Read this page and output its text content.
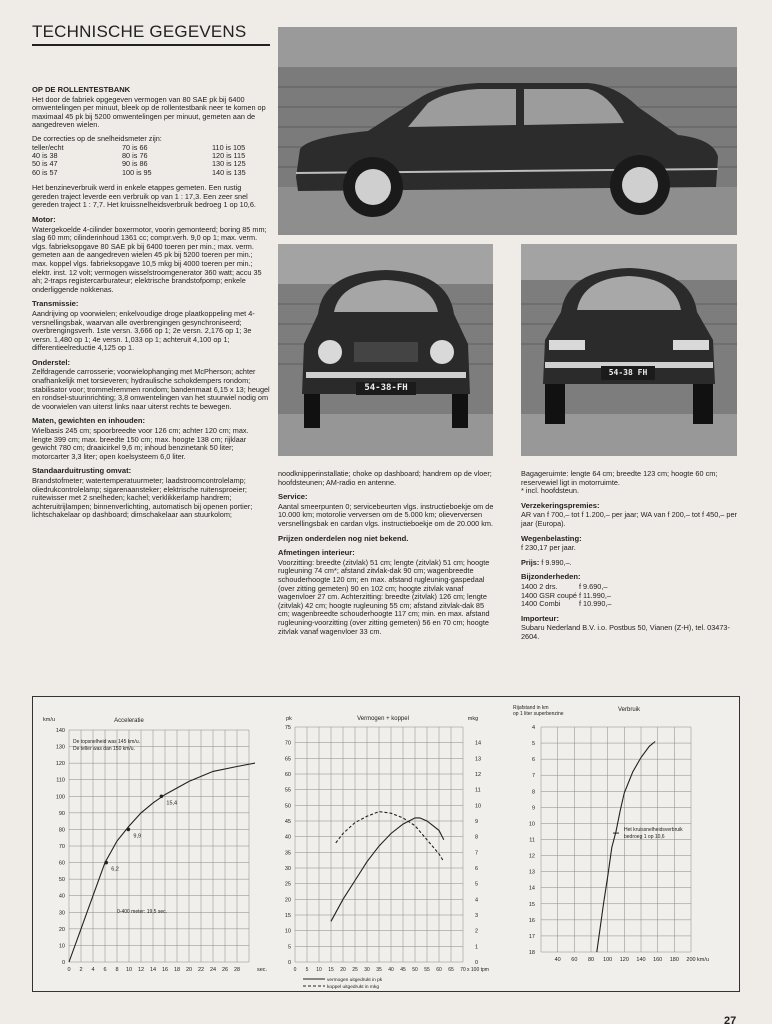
TECHNISCHE GEGEVENS
54-38-FH
54-38 FH
OP DE ROLLENTESTBANK

Het door de fabriek opgegeven vermogen van 80 SAE pk bij 6400 omwentelingen per minuut, bleek op de rollentestbank neer te komen op maximaal 45 pk bij 5200 omwentelingen per minuut, gemeten aan de aangedreven wielen.

De correcties op de snelheidsmeter zijn:

teller/echt	70 is 66	110 is 105
40 is 38	80 is 76	120 is 115
50 is 47	90 is 86	130 is 125
60 is 57	100 is 95	140 is 135

Het benzineverbruik werd in enkele etappes gemeten. Een rustig gereden traject leverde een verbruik op van 1 : 17,3. Een zeer snel gereden traject 1 : 7,7. Het kruissnelheidsverbruik bedroeg 1 op 10,6.

Motor:

Watergekoelde 4-cilinder boxermotor, voorin gemonteerd; boring 85 mm; slag 60 mm; cilinderinhoud 1361 cc; compr.verh. 9,0 op 1; max. verm. vlgs. fabrieksopgave 80 SAE pk bij 6400 toeren per min.; max. verm. gemeten aan de aangedreven wielen 45 pk bij 5200 toeren per min.; max. koppel vlgs. fabrieksopgave 10,5 mkg bij 4000 toeren per min.; elektr. inst. 12 volt; vermogen wisselstroomgenerator 360 watt; accu 35 ah; 2-traps registercarburateur; elektrische brandstofpomp; enkele onderliggende nokkenas.

Transmissie:

Aandrijving op voorwielen; enkelvoudige droge plaatkoppeling met 4-versnellingsbak, waarvan alle overbrengingen gesynchroniseerd; overbrengingsverh. 1ste versn. 3,666 op 1; 2e versn. 2,176 op 1; 3e versn. 1,480 op 1; 4e versn. 1,033 op 1; achteruit 4,100 op 1; differentieelreductie 4,125 op 1.

Onderstel:

Zelfdragende carrosserie; voorwielophanging met McPherson; achter onafhankelijk met torsieveren; hydraulische schokdempers rondom; stabilisator voor; trommelremmen rondom; bandenmaat 6,15 x 13; heugel en rondsel-stuurinrichting; 3,8 omwentelingen van het stuurwiel nodig om de voorwielen van uiterst links naar uiterst rechts te bewegen.

Maten, gewichten en inhouden:

Wielbasis 245 cm; spoorbreedte voor 126 cm; achter 120 cm; max. lengte 399 cm; max. breedte 150 cm; max. hoogte 138 cm; rijklaar gewicht 780 cm; draaicirkel 9,6 m; inhoud benzinetank 50 liter; motorcarter 3,3 liter; open koelsysteem 6,0 liter.

Standaarduitrusting omvat:

Brandstofmeter; watertemperatuurmeter; laadstroomcontrolelamp; oliedrukcontrolelamp; sigarenaansteker; elektrische ruitensproeier; ruitewisser met 2 snelheden; kachel; verklikkerlamp handrem; achteruitrijlampen; binnenverlichting, automatisch bij openen portier; lichtschakelaar op dashboard; dimschakelaar aan stuurkolom;

noodknipperinstallatie; choke op dashboard; handrem op de vloer; hoofdsteunen; AM-radio en antenne.

Service:

Aantal smeerpunten 0; servicebeurten vlgs. instructieboekje om de 10.000 km; motorolie verversen om de 5.000 km; olieverversen versnellingsbak en cardan vlgs. instructieboekje om de 20.000 km.

Prijzen onderdelen nog niet bekend.
Afmetingen interieur:

Voorzitting: breedte (zitvlak) 51 cm; lengte (zitvlak) 51 cm; hoogte rugleuning 74 cm*; afstand zitvlak-dak 90 cm; wagenbreedte schouderhoogte 120 cm; en max. afstand rugleuning-gaspedaal (over zitting gemeten) 90 en 102 cm; hoogte zitvlak vanaf wagenvloer 27 cm. Achterzitting: breedte (zitvlak) 126 cm; lengte (zitvlak) 42 cm; hoogte rugleuning 55 cm; afstand zitvlak-dak 85 cm; wagenbreedte schouderhoogte 117 cm; min. en max. afstand rugleuning-voorzitting (over zitting gemeten) 56 en 70 cm; hoogte zitvlak vanaf wagenvloer 33 cm.

Bagageruimte: lengte 64 cm; breedte 123 cm; hoogte 60 cm; reservewiel ligt in motorruimte.

* incl. hoofdsteun.

Verzekeringspremies:

AR van f 700,– tot f 1.200,– per jaar; WA van f 200,– tot f 450,– per jaar (Europa).

Wegenbelasting:

f 230,17 per jaar.

Prijs: f 9.990,–.

Bijzonderheden:
1400 2 drs.	f 9.690,–
1400 GSR coupé f 11.990,–
1400 Combi	f 10.990,–
Importeur:

Subaru Nederland B.V. i.o. Postbus 50, Vianen (Z-H), tel. 03473-2604.

Acceleratie
km/u
sec.
0
10
20
30
40
50
60
70
80
90
100
110
120
130
140
0 2 4 6 8 10 12 14 16 18 20 22 24 26 28
6,2
9,9
15,4
De topsnelheid was 145 km/u.
De teller was dan 150 km/u.
0-400 meter: 19,5 sec.
Vermogen + koppel
pk	mkg
0
5
10
15
20
25
30
35
40
45
50
55
60
65
70
75
0
1
2
3
4
5
6
7
8
9
10
11
12
13
14
0 5 10 15 20 25 30 35 40 45 50 55 60 65 70 x 100 tpm
vermogen uitgedrukt in pk
koppel uitgedrukt in mkg
Verbruik
Rijafstand in km
op 1 liter superbenzine
18
17
16
15
14
13
12
11
10
9
8
7
6
5
4
40 60 80 100 120 140 160 180 200 km/u
Het kruissnelheidsverbruik
bedroeg 1 op 10,6
27
